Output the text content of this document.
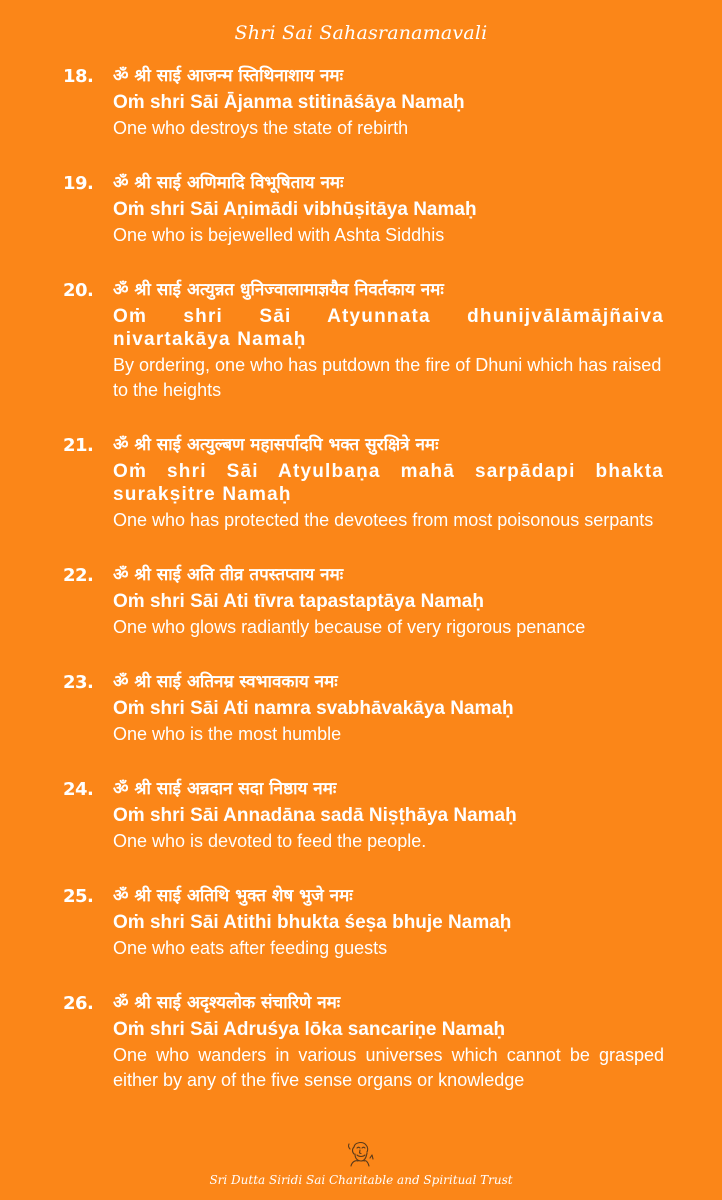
Shri Sai Sahasranamavali
18. ॐ श्री साई आजन्म स्तिथिनाशाय नमः
Oṁ shri Sāi Ājanma stitināśāya Namaḥ
One who destroys the state of rebirth
19. ॐ श्री साई अणिमादि विभूषिताय नमः
Oṁ shri Sāi Aṇimādi vibhūṣitāya Namaḥ
One who is bejewelled with Ashta Siddhis
20. ॐ श्री साई अत्युन्नत धुनिज्वालामाज्ञयैव निवर्तकाय नमः
Oṁ shri Sāi Atyunnata dhunijvālāmājñaiva nivartakāya Namaḥ
By ordering, one who has putdown the fire of Dhuni which has raised to the heights
21. ॐ श्री साई अत्युल्बण महासर्पादपि भक्त सुरक्षित्रे नमः
Oṁ shri Sāi Atyulbaṇa mahā sarpādapi bhakta surakṣitre Namaḥ
One who has protected the devotees from most poisonous serpants
22. ॐ श्री साई अति तीव्र तपस्तप्ताय नमः
Oṁ shri Sāi Ati tīvra tapastaptāya Namaḥ
One who glows radiantly because of very rigorous penance
23. ॐ श्री साई अतिनम्र स्वभावकाय नमः
Oṁ shri Sāi Ati namra svabhāvakāya Namaḥ
One who is the most humble
24. ॐ श्री साई अन्नदान सदा निष्ठाय नमः
Oṁ shri Sāi Annadāna sadā Niṣṭhāya Namaḥ
One who is devoted to feed the people.
25. ॐ श्री साई अतिथि भुक्त शेष भुजे नमः
Oṁ shri Sāi Atithi bhukta śeṣa bhuje Namaḥ
One who eats after feeding guests
26. ॐ श्री साई अदृश्यलोक संचारिणे नमः
Oṁ shri Sāi Adruśya lōka sancariṇe Namaḥ
One who wanders in various universes which cannot be grasped either by any of the five sense organs or knowledge
Sri Dutta Siridi Sai Charitable and Spiritual Trust
